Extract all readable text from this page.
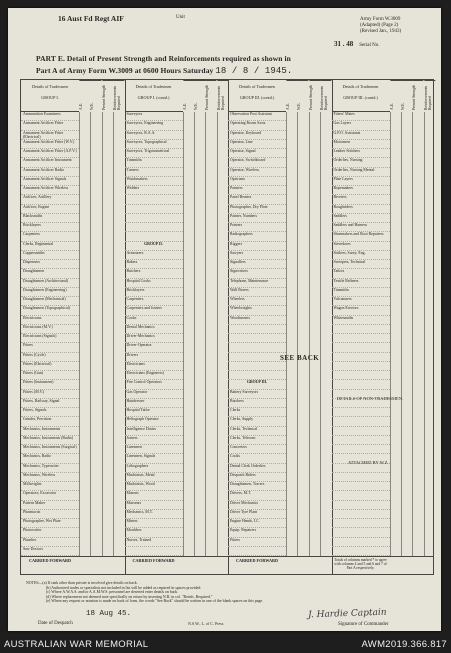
16 Aust Fd Regt AIF	Unit	Army Form W.3009
(Adapted) (Page 2)
(Revised Jan., 1943)
31 . 48 Serial No.
PART E. Detail of Present Strength and Reinforcements required as shown in
Part A of Army Form W.3009 at 0600 Hours Saturday 18 / 8 / 1945.
Details of Tradesmen
GROUP I.
A.E.	W.E.	Present Strength	Reinforcements Required
Ammunition Examiners
Armament Artificer Fitter
Armament Artificer Fitter (Electrical)
Armament Artificer Fitter (W.V.)
Armament Artificer Fitter (A.F.V.)
Armament Artificer Instrument
Armament Artificer Radio
Armament Artificer Signals
Armament Artificer Wireless
Artificer, Artillery
Artificer, Engine
Blacksmiths
Bricklayers
Carpenters
Clerks, Regimental
Coppersmiths
Dispensers
Draughtsmen
Draughtsmen (Architectural)
Draughtsmen (Engineering)
Draughtsmen (Mechanical)
Draughtsmen (Topographical)
Electricians
Electricians (M.V.)
Electricians (Signals)
Fitters
Fitters (Cycle)
Fitters (Electrical)
Fitters (Gun)
Fitters (Instrument)
Fitters (M.V.)
Fitters, Railway, Signal
Fitters, Signals
Grinder, Precision
Mechanics, Instruments
Mechanics, Instruments (Radio)
Mechanics, Instruments (Surgical)
Mechanics, Radio
Mechanics, Typewriter
Mechanics, Wireless
Millwrights
Operators, Excavator
Pattern Maker
Pharmacist
Photographer, Wet Plate
Photowriter
Plumber
Saw Doctors
CARRIED FORWARD
Details of Tradesmen
GROUP I. (contd.)
A.E.	W.E.	Present Strength	Reinforcements Required
Surveyors
Surveyors, Engineering
Surveyors, R.A.A.
Surveyors, Topographical
Surveyors, Trigonometrical
Tinsmiths
Turners
Watchmakers
Welders
GROUP II.
Armourers
Bakers
Butchers
Hospital Cooks
Bricklayers
Carpenters
Carpenters and Joiners
Cooks
Dental Mechanics
Driver-Mechanics
Driver-Operator
Drivers
Electricians
Electricians (Engineers)
Fire Control Operators
Gas Operator
Hairdresser
Hospital Tailor
Heliograph Operator
Intelligence Duties
Joiners
Linesmen
Linesmen, Signals
Lithographers
Machinists, Metal
Machinists, Wood
Masons
Masseurs
Mechanics, M.T.
Miners
Moulders
Nurses, Trained
CARRIED FORWARD
Details of Tradesmen
GROUP III. (contd.)
A.E.	W.E.	Present Strength	Reinforcements Required
Observation Post Assistant
Operating Room Assts.
Operator, Keyboard
Operator, Line
Operator, Signal
Operator, Switchboard
Operator, Wireless
Opticians
Painters
Panel Beaters
Photographer, Dry Plate
Painter, Numbers
Printers
Radiographers
Riggers
Sawyers
Signallers
Signwriters
Telephone, Maintenance
Wall Borers
Wheelers
Wheelwrights
Woodturners
GROUP III.
Battery Surveyors
Butchers
Clerks
Clerks, Supply
Clerks, Technical
Clerks, Telecom
Concreters
Cooks
Dental Clerk Orderlies
Despatch Riders
Draughtsmen, Tracers
Drivers, M.T.
Driver Mechanics
Driver Tyre Plant
Engine Hands, I.C.
Equip. Repairers
Fitters
CARRIED FORWARD
Details of Tradesmen
GROUP III. (contd.)
A.E.	W.E.	Present Strength	Reinforcements Required
Fitters' Mates
Gas Layers
G.P.O. Assistants
Motormen
Leather Stitchers
Orderlies, Nursing
Orderlies, Nursing Mental
Plate Layers
Ropemakers
Riveters
Roughriders
Saddlers
Saddlers and Harness
Shoemakers and Boot Repairers
Stevedores
Strikers, Surey, Eng.
Sweepers, Technical
Tailors
Textile Refiners
Tinsmiths
Vulcanisers
Wagon Erectors
Whitesmiths
Totals of columns marked * to agree with columns 4 and 5 and 6 and 7 of Part A respectively.
SEE BACK
DETAILS OF NON-TRADESMEN.
ATTACHED BY W.Z.
NOTES—(a) If rank other than private is involved give details on back.
(b) Authorized trades or specialists not included in list will be added as required in spaces provided.
(c) Where A.W.A.S. and/or A.A.M.W.S. personnel are deserted enter details on back.
(d) Where replacement not deemed note specifically on return by inserting N.R. in col. "Reinfs. Required."
(e) Where any request or notation is made on back of form, the words "See Back" should be written in one of the blank spaces on this page.
18 Aug 45.
Date of Despatch	N.S.W., L. of C. Press
J. Hardie Captain
Signature of Commander
AUSTRALIAN WAR MEMORIAL	AWM2019.366.817
